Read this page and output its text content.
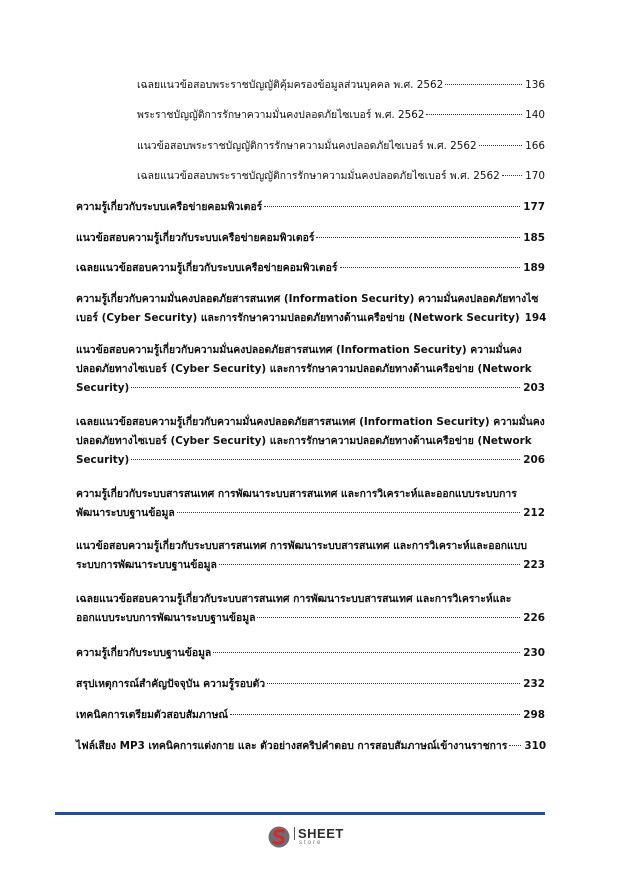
เฉลยแนวข้อสอบพระราชบัญญัติคุ้มครองข้อมูลส่วนบุคคล พ.ศ. 2562	136
พระราชบัญญัติการรักษาความมั่นคงปลอดภัยไซเบอร์ พ.ศ. 2562	140
แนวข้อสอบพระราชบัญญัติการรักษาความมั่นคงปลอดภัยไซเบอร์ พ.ศ. 2562	166
เฉลยแนวข้อสอบพระราชบัญญัติการรักษาความมั่นคงปลอดภัยไซเบอร์ พ.ศ. 2562 170
ความรู้เกี่ยวกับระบบเครือข่ายคอมพิวเตอร์	177
แนวข้อสอบความรู้เกี่ยวกับระบบเครือข่ายคอมพิวเตอร์	185
เฉลยแนวข้อสอบความรู้เกี่ยวกับระบบเครือข่ายคอมพิวเตอร์	189
ความรู้เกี่ยวกับความมั่นคงปลอดภัยสารสนเทศ (Information Security) ความมั่นคงปลอดภัยทางไซ
เบอร์ (Cyber Security) และการรักษาความปลอดภัยทางด้านเครือข่าย (Network Security) 194
แนวข้อสอบความรู้เกี่ยวกับความมั่นคงปลอดภัยสารสนเทศ (Information Security) ความมั่นคง
ปลอดภัยทางไซเบอร์ (Cyber Security) และการรักษาความปลอดภัยทางด้านเครือข่าย (Network
Security)	203
เฉลยแนวข้อสอบความรู้เกี่ยวกับความมั่นคงปลอดภัยสารสนเทศ (Information Security) ความมั่นคง
ปลอดภัยทางไซเบอร์ (Cyber Security) และการรักษาความปลอดภัยทางด้านเครือข่าย (Network
Security)	206
ความรู้เกี่ยวกับระบบสารสนเทศ การพัฒนาระบบสารสนเทศ และการวิเคราะห์และออกแบบระบบการ
พัฒนาระบบฐานข้อมูล	212
แนวข้อสอบความรู้เกี่ยวกับระบบสารสนเทศ การพัฒนาระบบสารสนเทศ และการวิเคราะห์และออกแบบ
ระบบการพัฒนาระบบฐานข้อมูล	223
เฉลยแนวข้อสอบความรู้เกี่ยวกับระบบสารสนเทศ การพัฒนาระบบสารสนเทศ และการวิเคราะห์และ
ออกแบบระบบการพัฒนาระบบฐานข้อมูล	226
ความรู้เกี่ยวกับระบบฐานข้อมูล	230
สรุปเหตุการณ์สำคัญปัจจุบัน ความรู้รอบตัว	232
เทคนิคการเตรียมตัวสอบสัมภาษณ์	298
ไฟล์เสียง MP3 เทคนิคการแต่งกาย และ ตัวอย่างสคริปคำตอบ การสอบสัมภาษณ์เข้างานราชการ 310
SHEET
store
